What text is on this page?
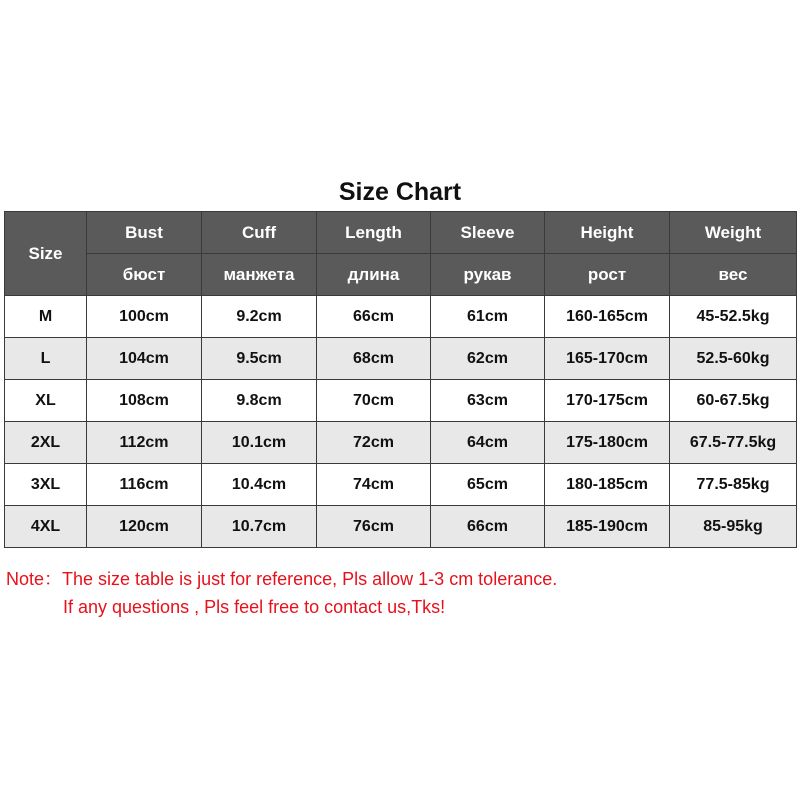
Size Chart
Size	Bust	Cuff	Length	Sleeve	Height	Weight
	бюст	манжета	длина	рукав	рост	вес
M	100cm	9.2cm	66cm	61cm	160-165cm	45-52.5kg
L	104cm	9.5cm	68cm	62cm	165-170cm	52.5-60kg
XL	108cm	9.8cm	70cm	63cm	170-175cm	60-67.5kg
2XL	112cm	10.1cm	72cm	64cm	175-180cm	67.5-77.5kg
3XL	116cm	10.4cm	74cm	65cm	180-185cm	77.5-85kg
4XL	120cm	10.7cm	76cm	66cm	185-190cm	85-95kg
Note：The size table is just for reference, Pls allow 1-3 cm tolerance.
If any questions , Pls feel free to contact us,Tks!
